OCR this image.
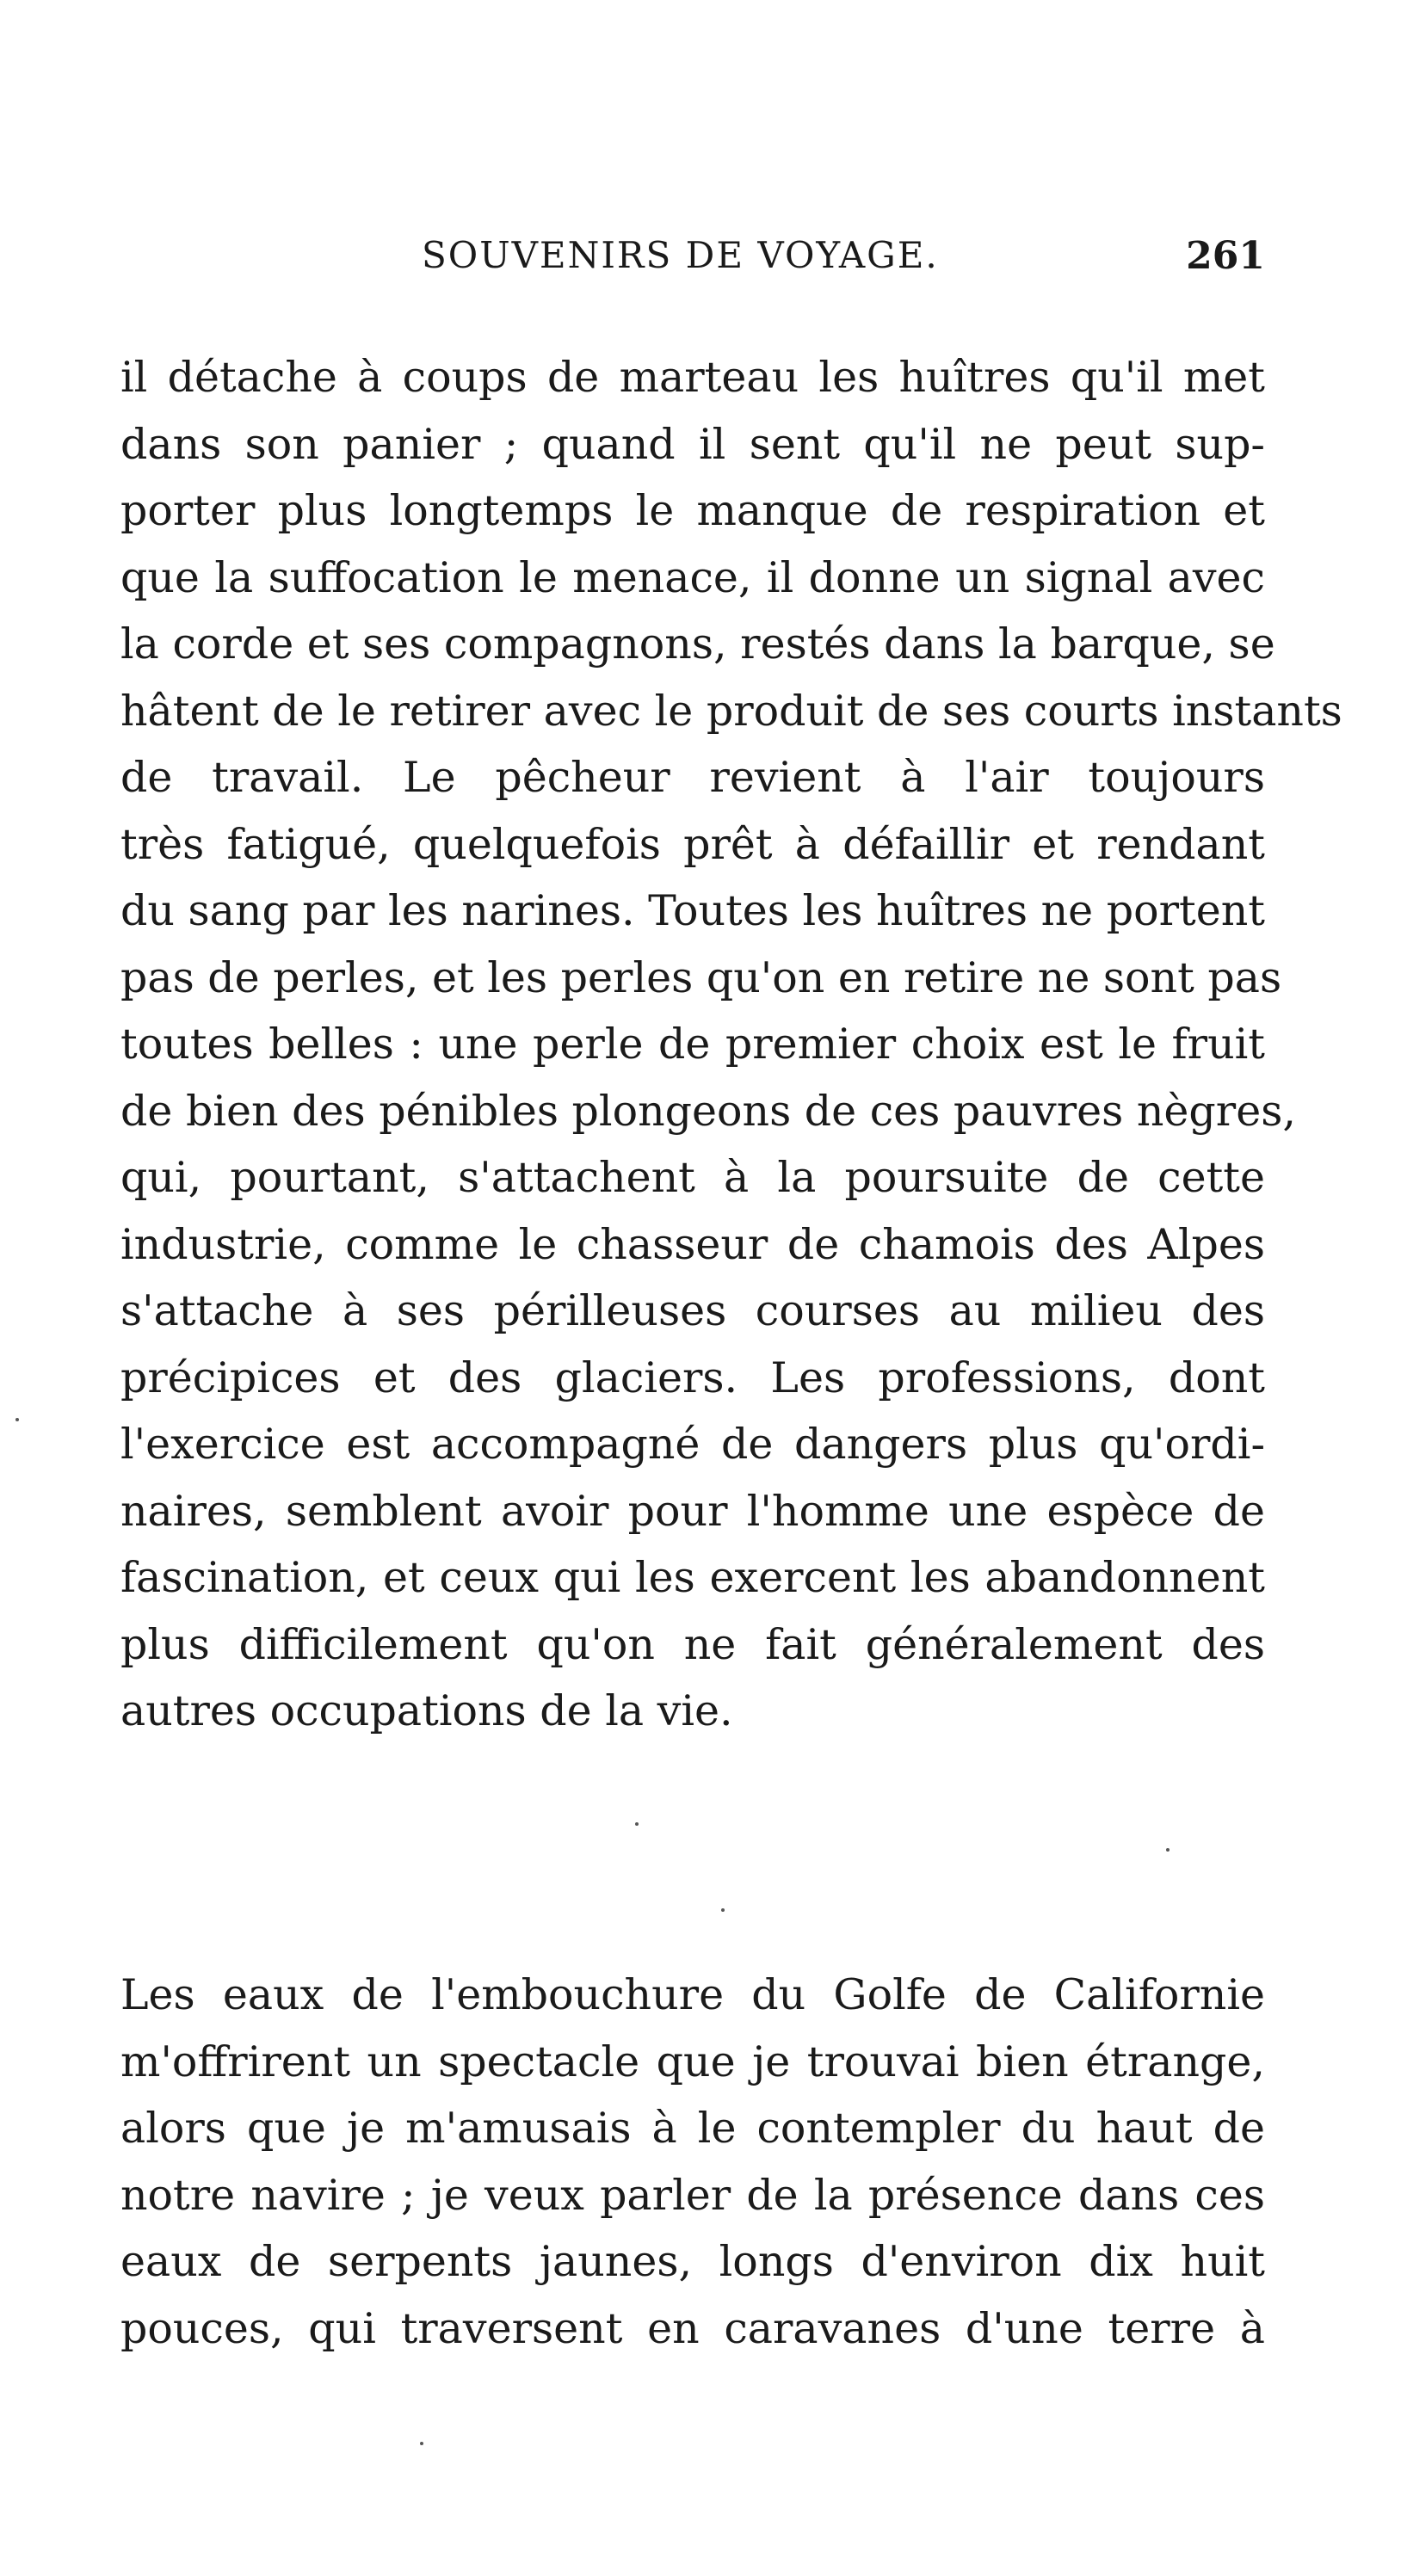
SOUVENIRS DE VOYAGE.	261
il détache à coups de marteau les huîtres qu'il met
dans son panier ; quand il sent qu'il ne peut sup-
porter plus longtemps le manque de respiration et
que la suffocation le menace, il donne un signal avec
la corde et ses compagnons, restés dans la barque, se
hâtent de le retirer avec le produit de ses courts instants
de travail. Le pêcheur revient à l'air toujours
très fatigué, quelquefois prêt à défaillir et rendant
du sang par les narines. Toutes les huîtres ne portent
pas de perles, et les perles qu'on en retire ne sont pas
toutes belles : une perle de premier choix est le fruit
de bien des pénibles plongeons de ces pauvres nègres,
qui, pourtant, s'attachent à la poursuite de cette
industrie, comme le chasseur de chamois des Alpes
s'attache à ses périlleuses courses au milieu des
précipices et des glaciers. Les professions, dont
l'exercice est accompagné de dangers plus qu'ordi-
naires, semblent avoir pour l'homme une espèce de
fascination, et ceux qui les exercent les abandonnent
plus difficilement qu'on ne fait généralement des
autres occupations de la vie.
Les eaux de l'embouchure du Golfe de Californie
m'offrirent un spectacle que je trouvai bien étrange,
alors que je m'amusais à le contempler du haut de
notre navire ; je veux parler de la présence dans ces
eaux de serpents jaunes, longs d'environ dix huit
pouces, qui traversent en caravanes d'une terre à
